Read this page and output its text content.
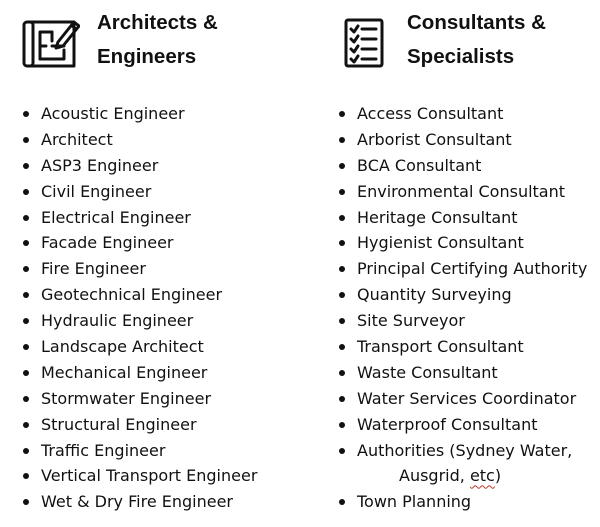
Architects &
Engineers
Acoustic Engineer
Architect
ASP3 Engineer
Civil Engineer
Electrical Engineer
Facade Engineer
Fire Engineer
Geotechnical Engineer
Hydraulic Engineer
Landscape Architect
Mechanical Engineer
Stormwater Engineer
Structural Engineer
Traffic Engineer
Vertical Transport Engineer
Wet & Dry Fire Engineer
Consultants &
Specialists
Access Consultant
Arborist Consultant
BCA Consultant
Environmental Consultant
Heritage Consultant
Hygienist Consultant
Principal Certifying Authority
Quantity Surveying
Site Surveyor
Transport Consultant
Waste Consultant
Water Services Coordinator
Waterproof Consultant
Authorities (Sydney Water,
Ausgrid, etc)
Town Planning
